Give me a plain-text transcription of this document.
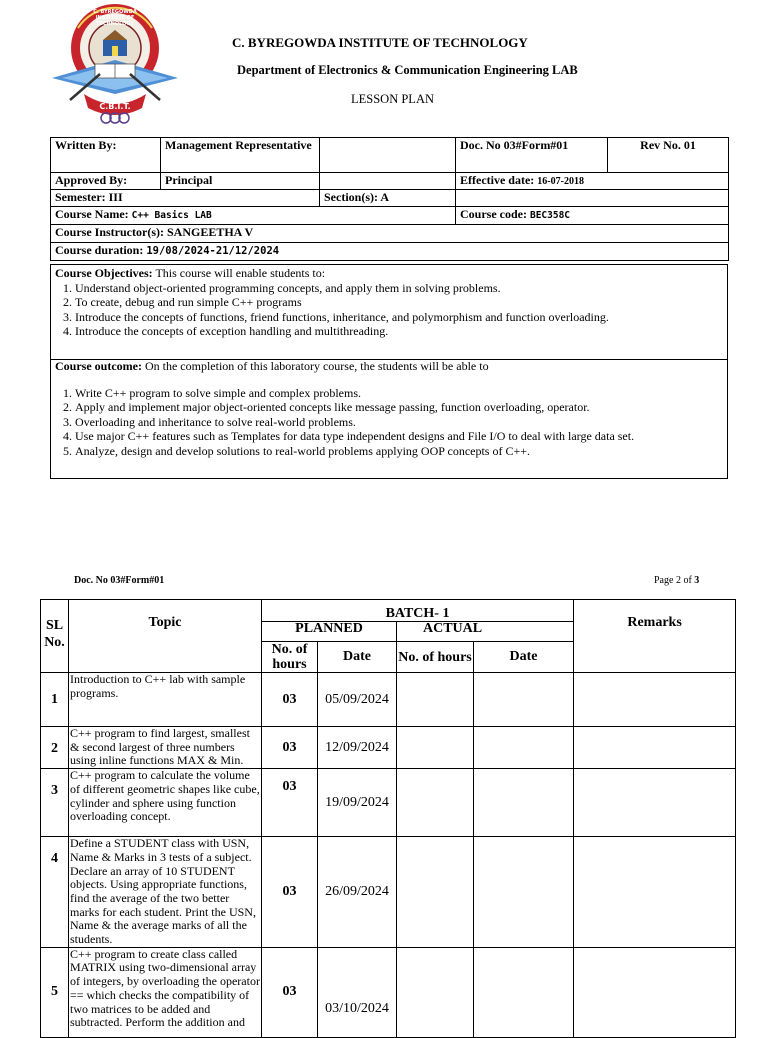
C. BYREGOWDA INSTITUTE OF TECHNOLOGY
C.B.I.T.
C. BYREGOWDA INSTITUTE OF TECHNOLOGY
Department of Electronics & Communication Engineering LAB
LESSON PLAN
Written By:	Management Representative		Doc. No 03#Form#01	Rev No. 01
Approved By:	Principal		Effective date: 16-07-2018	
Semester: III		Section(s): A		
Course Name: C++ Basics LAB			Course code: BEC358C	
Course Instructor(s): SANGEETHA V				
Course duration: 19/08/2024-21/12/2024				
Course Objectives: This course will enable students to:
1. Understand object-oriented programming concepts, and apply them in solving problems.
2. To create, debug and run simple C++ programs
3. Introduce the concepts of functions, friend functions, inheritance, and polymorphism and function overloading.
4. Introduce the concepts of exception handling and multithreading.
Course outcome: On the completion of this laboratory course, the students will be able to
1. Write C++ program to solve simple and complex problems.
2. Apply and implement major object-oriented concepts like message passing, function overloading, operator.
3. Overloading and inheritance to solve real-world problems.
4. Use major C++ features such as Templates for data type independent designs and File I/O to deal with large data set.
5. Analyze, design and develop solutions to real-world problems applying OOP concepts of C++.
Doc. No 03#Form#01	Page 2 of 3
SL No.	Topic	BATCH- 1				Remarks
		PLANNED		ACTUAL		
		No. of hours	Date	No. of hours	Date	
1	Introduction to C++ lab with sample programs.	03	05/09/2024			
2	C++ program to find largest, smallest & second largest of three numbers using inline functions MAX & Min.	03	12/09/2024			
3	C++ program to calculate the volume of different geometric shapes like cube, cylinder and sphere using function overloading concept.	03	19/09/2024			
4	Define a STUDENT class with USN, Name & Marks in 3 tests of a subject. Declare an array of 10 STUDENT objects. Using appropriate functions, find the average of the two better marks for each student. Print the USN, Name & the average marks of all the students.	03	26/09/2024			
5	C++ program to create class called MATRIX using two-dimensional array of integers, by overloading the operator == which checks the compatibility of two matrices to be added and subtracted. Perform the addition and	03	03/10/2024			
